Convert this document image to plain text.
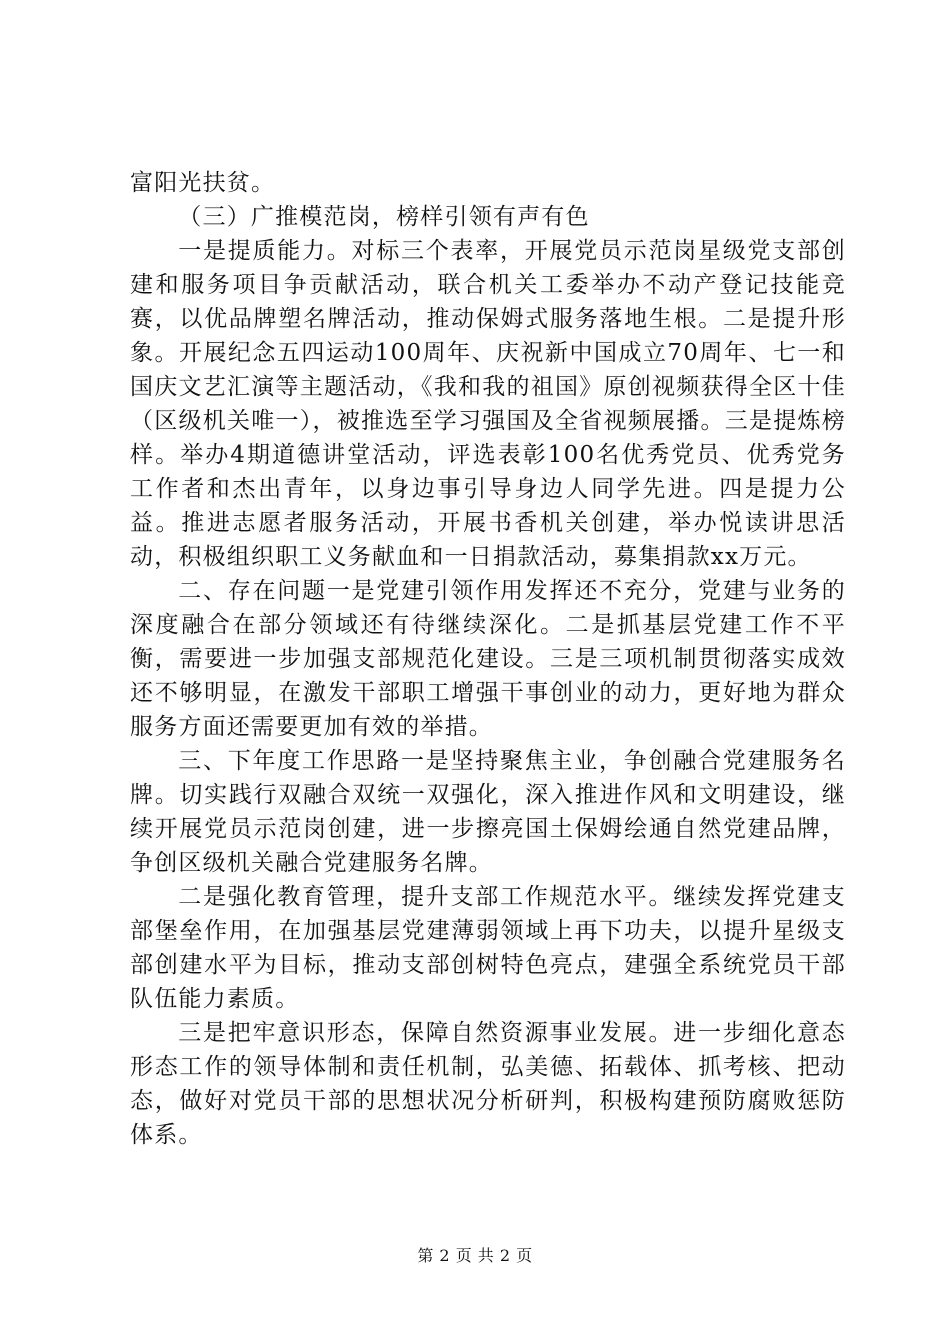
富阳光扶贫。

（三）广推模范岗，榜样引领有声有色

一是提质能力。对标三个表率，开展党员示范岗星级党支部创建和服务项目争贡献活动，联合机关工委举办不动产登记技能竞赛，以优品牌塑名牌活动，推动保姆式服务落地生根。二是提升形象。开展纪念五四运动100周年、庆祝新中国成立70周年、七一和国庆文艺汇演等主题活动，《我和我的祖国》原创视频获得全区十佳（区级机关唯一），被推选至学习强国及全省视频展播。三是提炼榜样。举办4期道德讲堂活动，评选表彰100名优秀党员、优秀党务工作者和杰出青年，以身边事引导身边人同学先进。四是提力公益。推进志愿者服务活动，开展书香机关创建，举办悦读讲思活动，积极组织职工义务献血和一日捐款活动，募集捐款xx万元。

二、存在问题一是党建引领作用发挥还不充分，党建与业务的深度融合在部分领域还有待继续深化。二是抓基层党建工作不平衡，需要进一步加强支部规范化建设。三是三项机制贯彻落实成效还不够明显，在激发干部职工增强干事创业的动力，更好地为群众服务方面还需要更加有效的举措。

三、下年度工作思路一是坚持聚焦主业，争创融合党建服务名牌。切实践行双融合双统一双强化，深入推进作风和文明建设，继续开展党员示范岗创建，进一步擦亮国土保姆绘通自然党建品牌，争创区级机关融合党建服务名牌。

二是强化教育管理，提升支部工作规范水平。继续发挥党建支部堡垒作用，在加强基层党建薄弱领域上再下功夫，以提升星级支部创建水平为目标，推动支部创树特色亮点，建强全系统党员干部队伍能力素质。

三是把牢意识形态，保障自然资源事业发展。进一步细化意态形态工作的领导体制和责任机制，弘美德、拓载体、抓考核、把动态，做好对党员干部的思想状况分析研判，积极构建预防腐败惩防体系。

第 2 页 共 2 页
